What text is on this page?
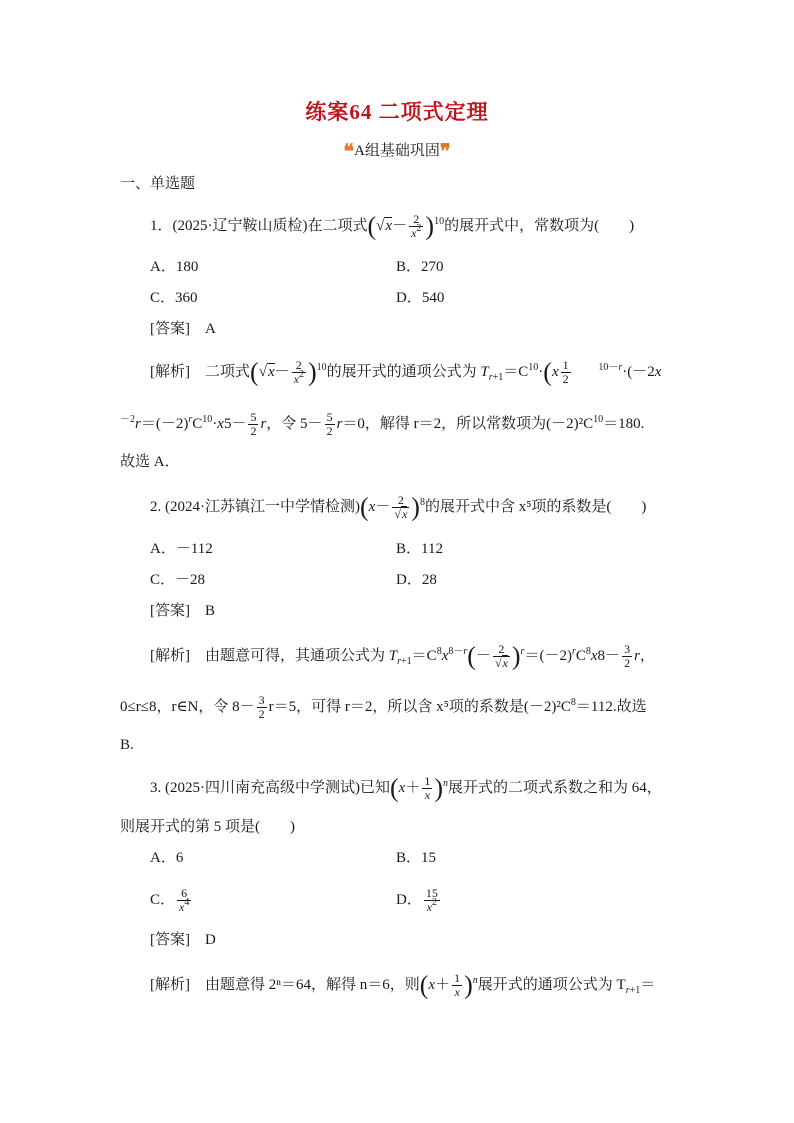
练案64 二项式定理
❝A组基础巩固❞
一、单选题
1．(2025·辽宁鞍山质检)在二项式$(√x- \frac{2}{x^2} )^{10}$的展开式中，常数项为(　　)
A．180	B．270
C．360	D．540
[答案]　 A
[解析]　 二项式$(√x- \frac{2}{x^2} )^{10}$的展开式的通项公式为 $T_{r+1}=C^{10}\cdot(x \frac{1}{2}$	$^{10-r}$·(－2x
$^{-2}r=(-2)^rC^{10}\cdot x5- \frac{5}{2}$ r，令 $5- \frac{5}{2} r=0$，解得 r＝2，所以常数项为$(-2)^2C^{10}=180$.
故选 A．
2. (2024·江苏镇江一中学情检测)$(x- \frac{2}{√x} )^8$的展开式中含 x⁵项的系数是(　　)
A．－112	B．112
C．－28	D．28
[答案]　 B
[解析]　 由题意可得，其通项公式为 $T_{r+1}=C^8x^{8-r}(- \frac{2}{√x} )^r=(-2)^rC^8x8- \frac{3}{2}$ r，
0≤r≤8，r∈N，令 $8- \frac{3}{2} r=5$，可得 r＝2，所以含 x⁵项的系数是$(-2)^2C^8=112$.故选
B.
3. (2025·四川南充高级中学测试)已知$(x+ \frac{1}{x} )^n$展开式的二项式系数之和为 64，
则展开式的第 5 项是(　　)
A．6	B．15
C． $\frac{6}{x^4}$	D． $\frac{15}{x^2}$
[答案]　 D
[解析]　 由题意得 2ⁿ＝64，解得 n＝6，则$(x+ \frac{1}{x} )^n$展开式的通项公式为 $T_{r+1}=$
